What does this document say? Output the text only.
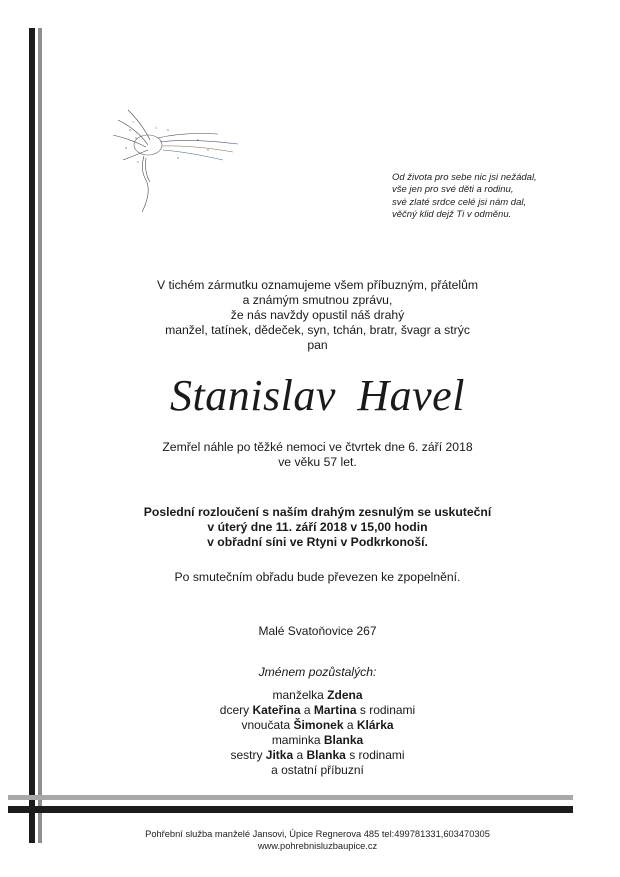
Od života pro sebe nic jsi nežádal,
vše jen pro své děti a rodinu,
své zlaté srdce celé jsi nám dal,
věčný klid dejž Ti v odměnu.
V tichém zármutku oznamujeme všem příbuzným, přátelům
a známým smutnou zprávu,
že nás navždy opustil náš drahý
manžel, tatínek, dědeček, syn, tchán, bratr, švagr a strýc
pan
Stanislav Havel
Zemřel náhle po těžké nemoci ve čtvrtek dne 6. září 2018
ve věku 57 let.
Poslední rozloučení s naším drahým zesnulým se uskuteční
v úterý dne 11. září 2018 v 15,00 hodin
v obřadní síni ve Rtyni v Podkrkonoší.
Po smutečním obřadu bude převezen ke zpopelnění.
Malé Svatoňovice 267
Jménem pozůstalých:
manželka Zdena
dcery Kateřina a Martina s rodinami
vnoučata Šimonek a Klárka
maminka Blanka
sestry Jitka a Blanka s rodinami
a ostatní příbuzní
Pohřební služba manželé Jansovi, Úpice Regnerova 485 tel:499781331,603470305
www.pohrebnisluzbaupice.cz
